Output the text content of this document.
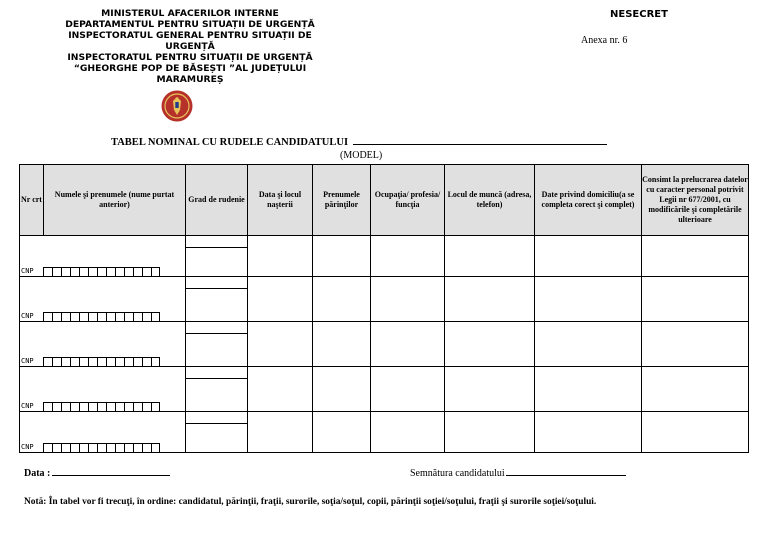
MINISTERUL AFACERILOR INTERNE
DEPARTAMENTUL PENTRU SITUAȚII DE URGENȚĂ
INSPECTORATUL GENERAL PENTRU SITUAȚII DE
URGENȚĂ
INSPECTORATUL PENTRU SITUAȚII DE URGENȚĂ
“GHEORGHE POP DE BĂSEȘTI ”AL JUDEȚULUI
MARAMUREȘ
NESECRET
Anexa nr. 6
TABEL NOMINAL CU RUDELE CANDIDATULUI
(MODEL)
Nr crt	Numele şi prenumele (nume purtat anterior)	Grad de rudenie	Data şi locul naşterii	Prenumele părinţilor	Ocupaţia/ profesia/ funcţia	Locul de muncă (adresa, telefon)	Date privind domiciliu(a se completa corect şi complet)	Consimt la prelucrarea datelor cu caracter personal potrivit Legii nr 677/2001, cu modificările şi completările ulterioare

CNP								

CNP								

CNP								

CNP								

CNP								

Data :	Semnătura candidatului
Notă: În tabel vor fi trecuţi, în ordine: candidatul, părinţii, fraţii, surorile, soţia/soţul, copii, părinţii soţiei/soţului, fraţii şi surorile soţiei/soţului.
